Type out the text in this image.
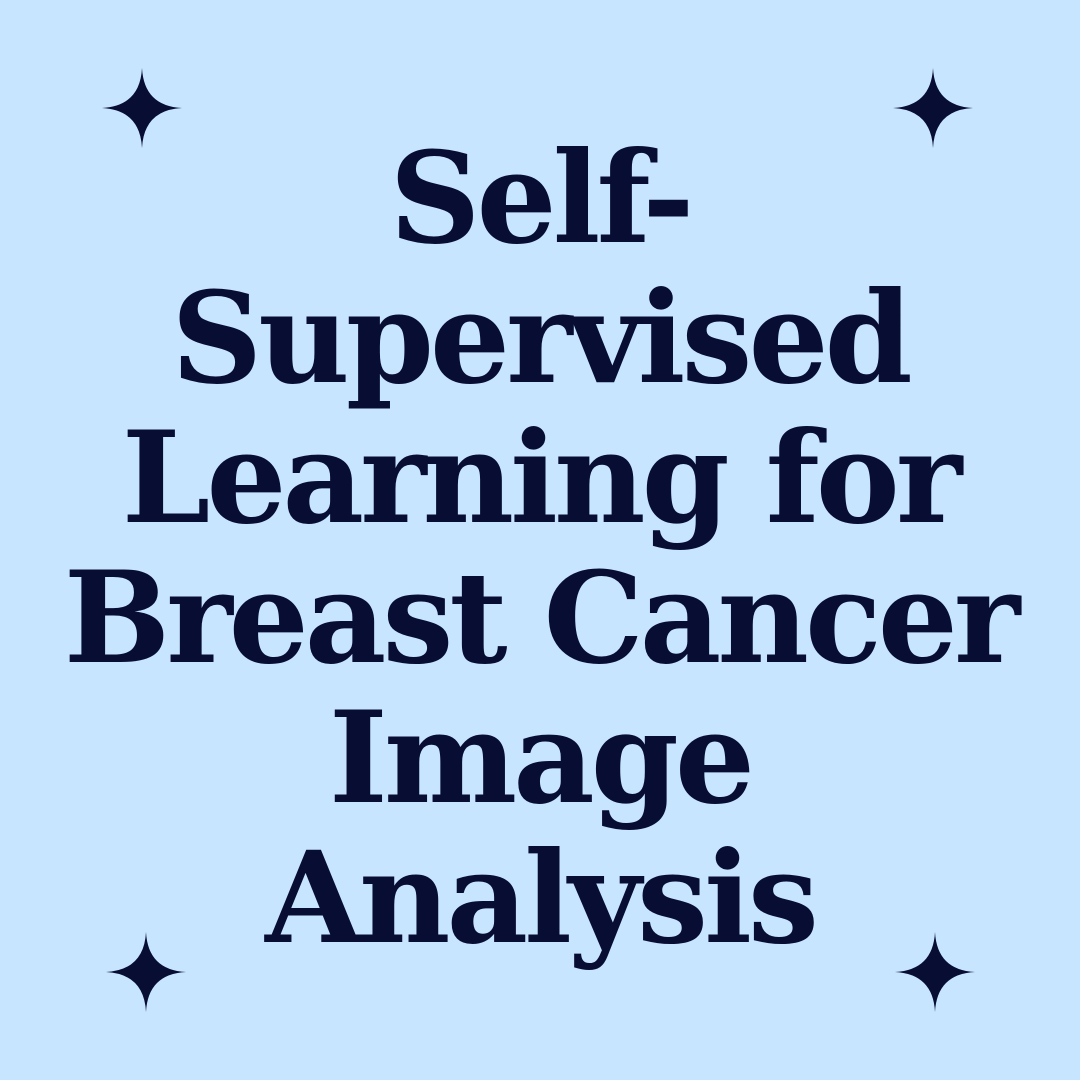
Self-
Supervised
Learning for
Breast Cancer
Image
Analysis
